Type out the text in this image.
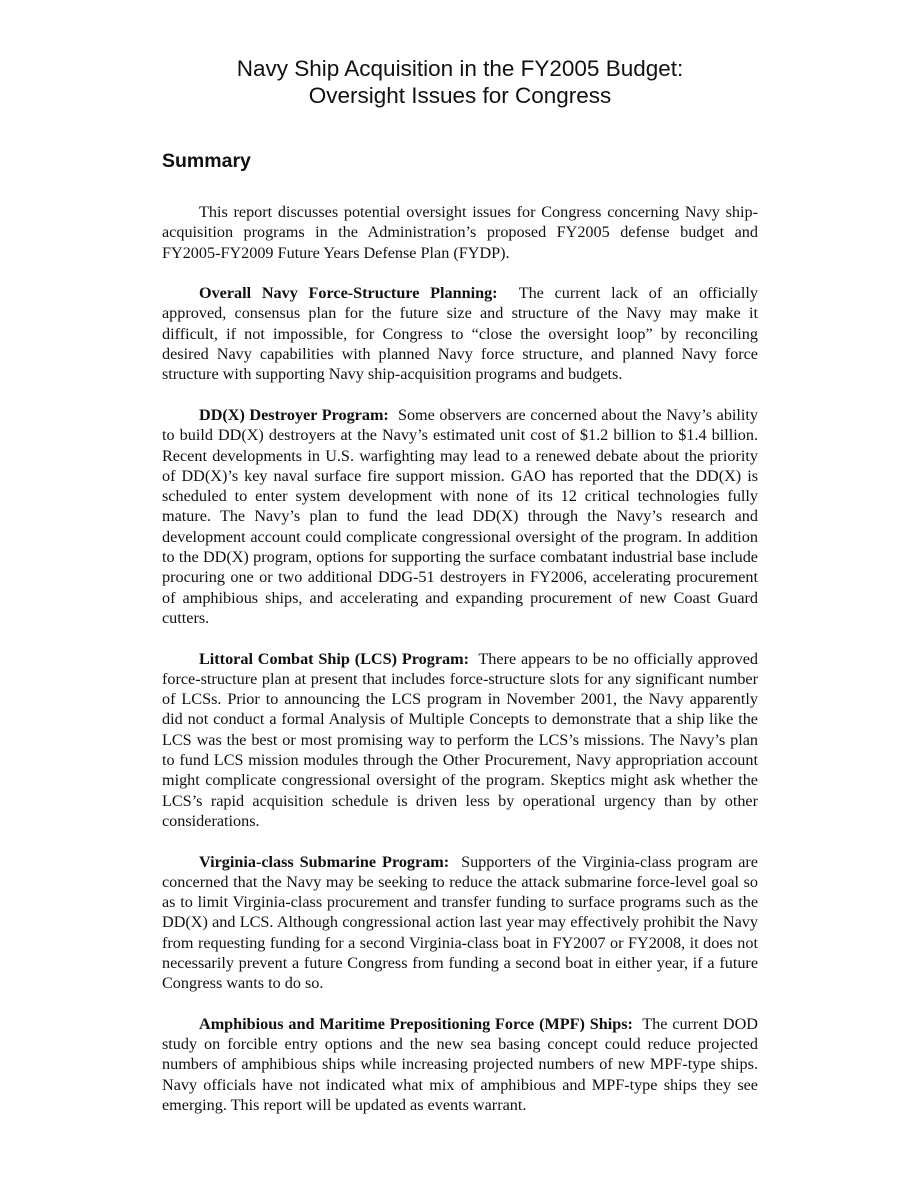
Navy Ship Acquisition in the FY2005 Budget:
Oversight Issues for Congress
Summary

This report discusses potential oversight issues for Congress concerning Navy ship-acquisition programs in the Administration’s proposed FY2005 defense budget and FY2005-FY2009 Future Years Defense Plan (FYDP).

Overall Navy Force-Structure Planning: The current lack of an officially approved, consensus plan for the future size and structure of the Navy may make it difficult, if not impossible, for Congress to “close the oversight loop” by reconciling desired Navy capabilities with planned Navy force structure, and planned Navy force structure with supporting Navy ship-acquisition programs and budgets.

DD(X) Destroyer Program: Some observers are concerned about the Navy’s ability to build DD(X) destroyers at the Navy’s estimated unit cost of $1.2 billion to $1.4 billion. Recent developments in U.S. warfighting may lead to a renewed debate about the priority of DD(X)’s key naval surface fire support mission. GAO has reported that the DD(X) is scheduled to enter system development with none of its 12 critical technologies fully mature. The Navy’s plan to fund the lead DD(X) through the Navy’s research and development account could complicate congressional oversight of the program. In addition to the DD(X) program, options for supporting the surface combatant industrial base include procuring one or two additional DDG-51 destroyers in FY2006, accelerating procurement of amphibious ships, and accelerating and expanding procurement of new Coast Guard cutters.

Littoral Combat Ship (LCS) Program: There appears to be no officially approved force-structure plan at present that includes force-structure slots for any significant number of LCSs. Prior to announcing the LCS program in November 2001, the Navy apparently did not conduct a formal Analysis of Multiple Concepts to demonstrate that a ship like the LCS was the best or most promising way to perform the LCS’s missions. The Navy’s plan to fund LCS mission modules through the Other Procurement, Navy appropriation account might complicate congressional oversight of the program. Skeptics might ask whether the LCS’s rapid acquisition schedule is driven less by operational urgency than by other considerations.

Virginia-class Submarine Program: Supporters of the Virginia-class program are concerned that the Navy may be seeking to reduce the attack submarine force-level goal so as to limit Virginia-class procurement and transfer funding to surface programs such as the DD(X) and LCS. Although congressional action last year may effectively prohibit the Navy from requesting funding for a second Virginia-class boat in FY2007 or FY2008, it does not necessarily prevent a future Congress from funding a second boat in either year, if a future Congress wants to do so.

Amphibious and Maritime Prepositioning Force (MPF) Ships: The current DOD study on forcible entry options and the new sea basing concept could reduce projected numbers of amphibious ships while increasing projected numbers of new MPF-type ships. Navy officials have not indicated what mix of amphibious and MPF-type ships they see emerging. This report will be updated as events warrant.
